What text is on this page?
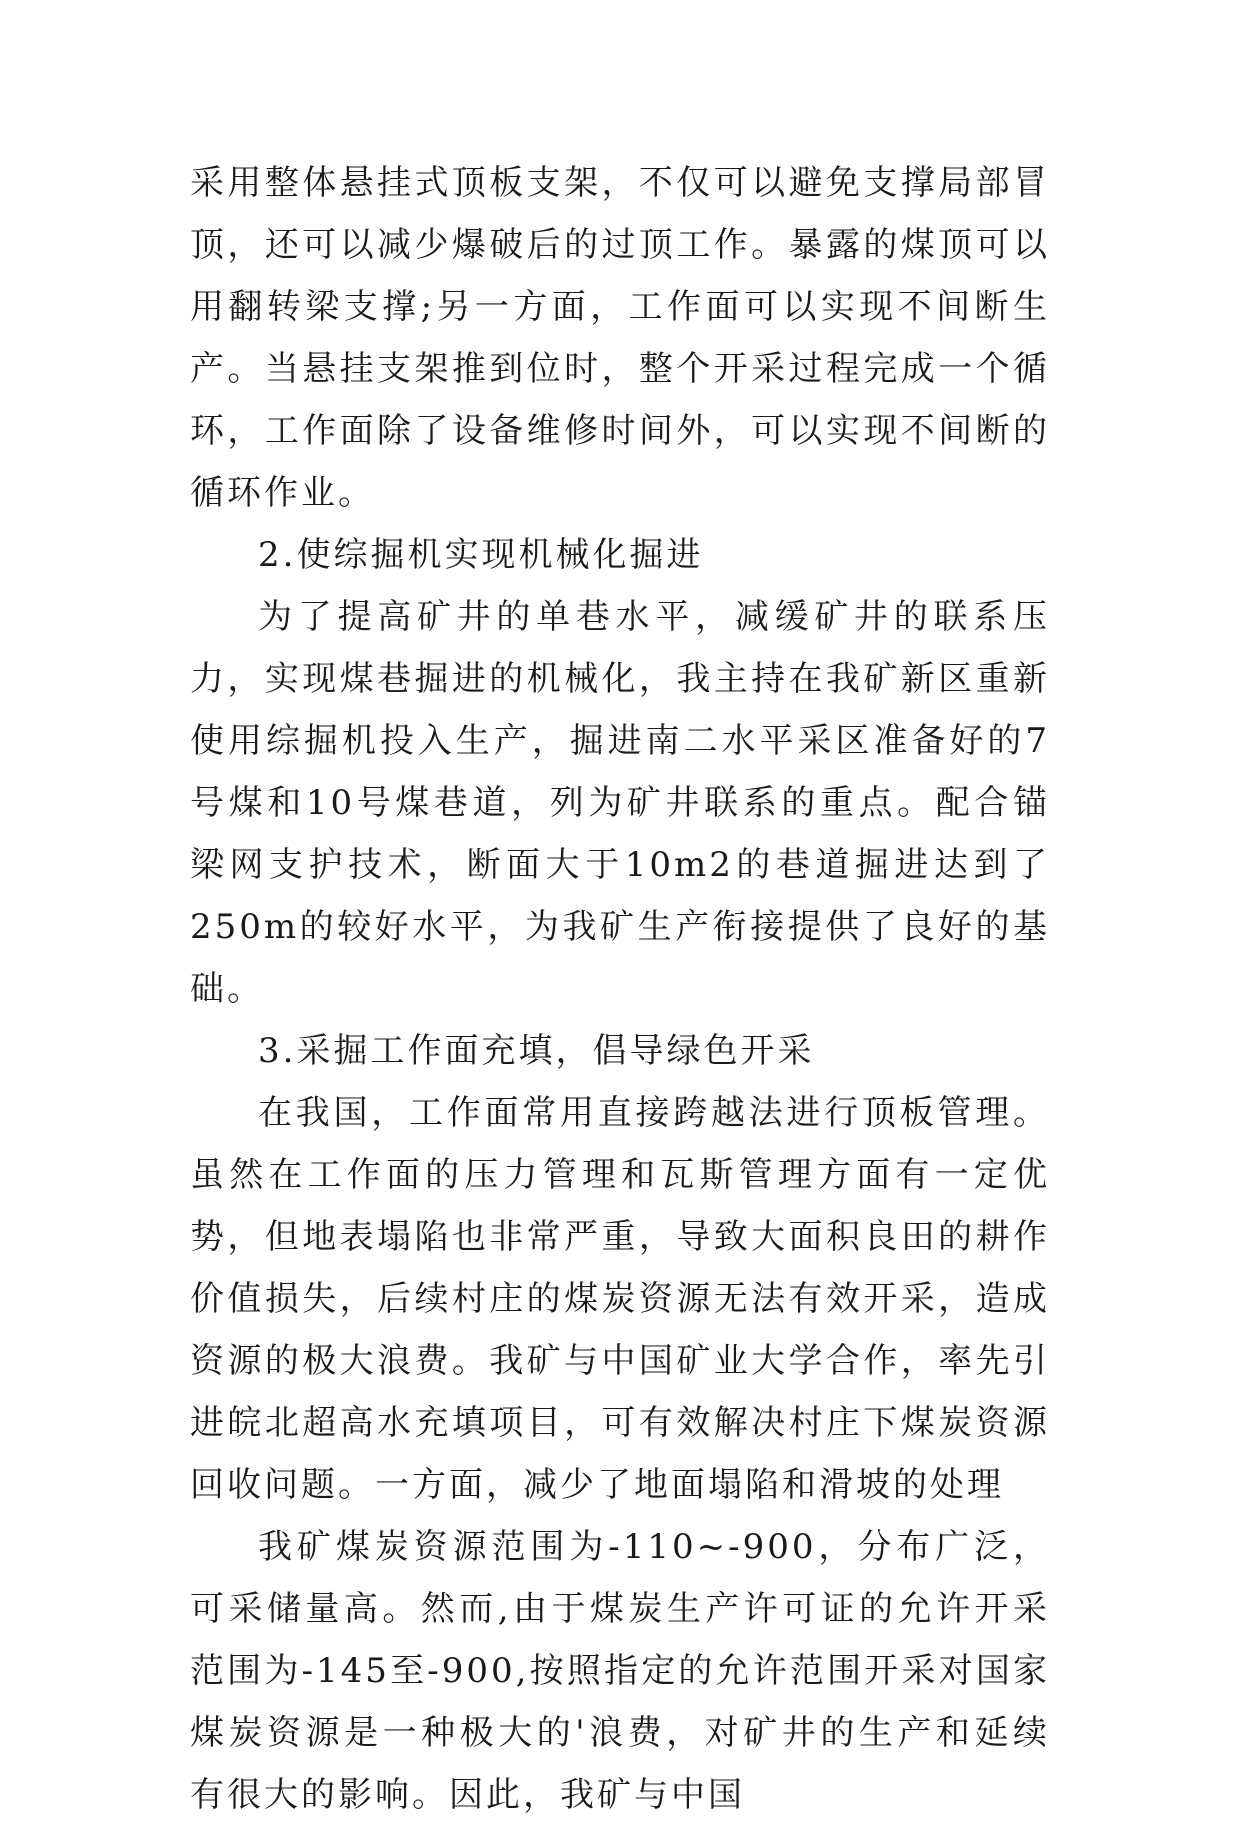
采用整体悬挂式顶板支架，不仅可以避免支撑局部冒顶，还可以减少爆破后的过顶工作。暴露的煤顶可以用翻转梁支撑;另一方面，工作面可以实现不间断生产。当悬挂支架推到位时，整个开采过程完成一个循环，工作面除了设备维修时间外，可以实现不间断的循环作业。

2.使综掘机实现机械化掘进

为了提高矿井的单巷水平，减缓矿井的联系压力，实现煤巷掘进的机械化，我主持在我矿新区重新使用综掘机投入生产，掘进南二水平采区准备好的7号煤和10号煤巷道，列为矿井联系的重点。配合锚梁网支护技术，断面大于10m2的巷道掘进达到了250m的较好水平，为我矿生产衔接提供了良好的基础。

3.采掘工作面充填，倡导绿色开采

在我国，工作面常用直接跨越法进行顶板管理。虽然在工作面的压力管理和瓦斯管理方面有一定优势，但地表塌陷也非常严重，导致大面积良田的耕作价值损失，后续村庄的煤炭资源无法有效开采，造成资源的极大浪费。我矿与中国矿业大学合作，率先引进皖北超高水充填项目，可有效解决村庄下煤炭资源回收问题。一方面，减少了地面塌陷和滑坡的处理

我矿煤炭资源范围为-110~-900，分布广泛，可采储量高。然而,由于煤炭生产许可证的允许开采范围为-145至-900,按照指定的允许范围开采对国家煤炭资源是一种极大的'浪费，对矿井的生产和延续有很大的影响。因此，我矿与中国
